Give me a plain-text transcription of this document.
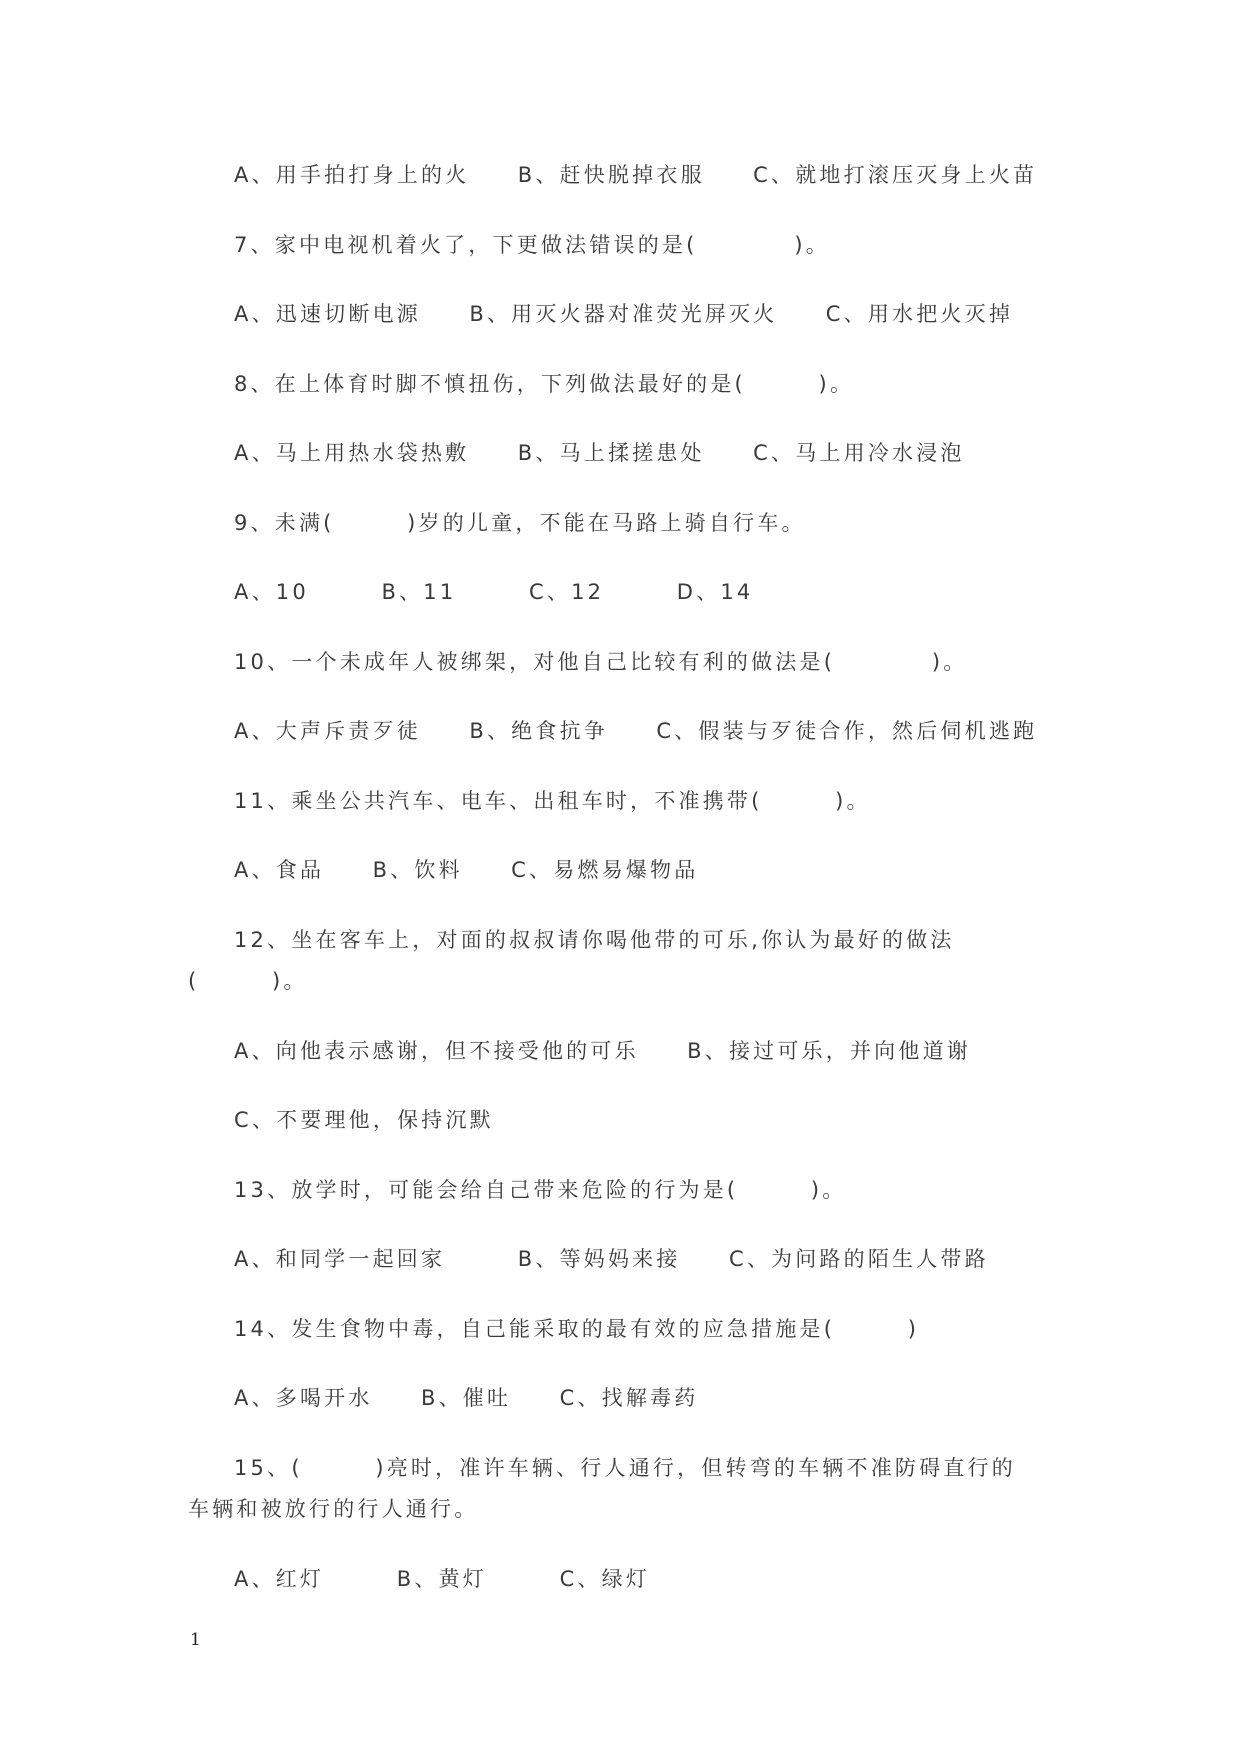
A、用手拍打身上的火　　B、赶快脱掉衣服　　C、就地打滚压灭身上火苗
7、家中电视机着火了，下更做法错误的是(　　　　)。
A、迅速切断电源　　B、用灭火器对准荧光屏灭火　　C、用水把火灭掉
8、在上体育时脚不慎扭伤，下列做法最好的是(　　　)。
A、马上用热水袋热敷　　B、马上揉搓患处　　C、马上用冷水浸泡
9、未满(　　　)岁的儿童，不能在马路上骑自行车。
A、10　　　B、11　　　C、12　　　D、14
10、一个未成年人被绑架，对他自己比较有利的做法是(　　　　)。
A、大声斥责歹徒　　B、绝食抗争　　C、假装与歹徒合作，然后伺机逃跑
11、乘坐公共汽车、电车、出租车时，不准携带(　　　)。
A、食品　　B、饮料　　C、易燃易爆物品
12、坐在客车上，对面的叔叔请你喝他带的可乐,你认为最好的做法
(　　　)。
A、向他表示感谢，但不接受他的可乐　　B、接过可乐，并向他道谢
C、不要理他，保持沉默
13、放学时，可能会给自己带来危险的行为是(　　　)。
A、和同学一起回家　　　B、等妈妈来接　　C、为问路的陌生人带路
14、发生食物中毒，自己能采取的最有效的应急措施是(　　　)
A、多喝开水　　B、催吐　　C、找解毒药
15、(　　　)亮时，准许车辆、行人通行，但转弯的车辆不准防碍直行的
车辆和被放行的行人通行。
A、红灯　　　B、黄灯　　　C、绿灯
1
